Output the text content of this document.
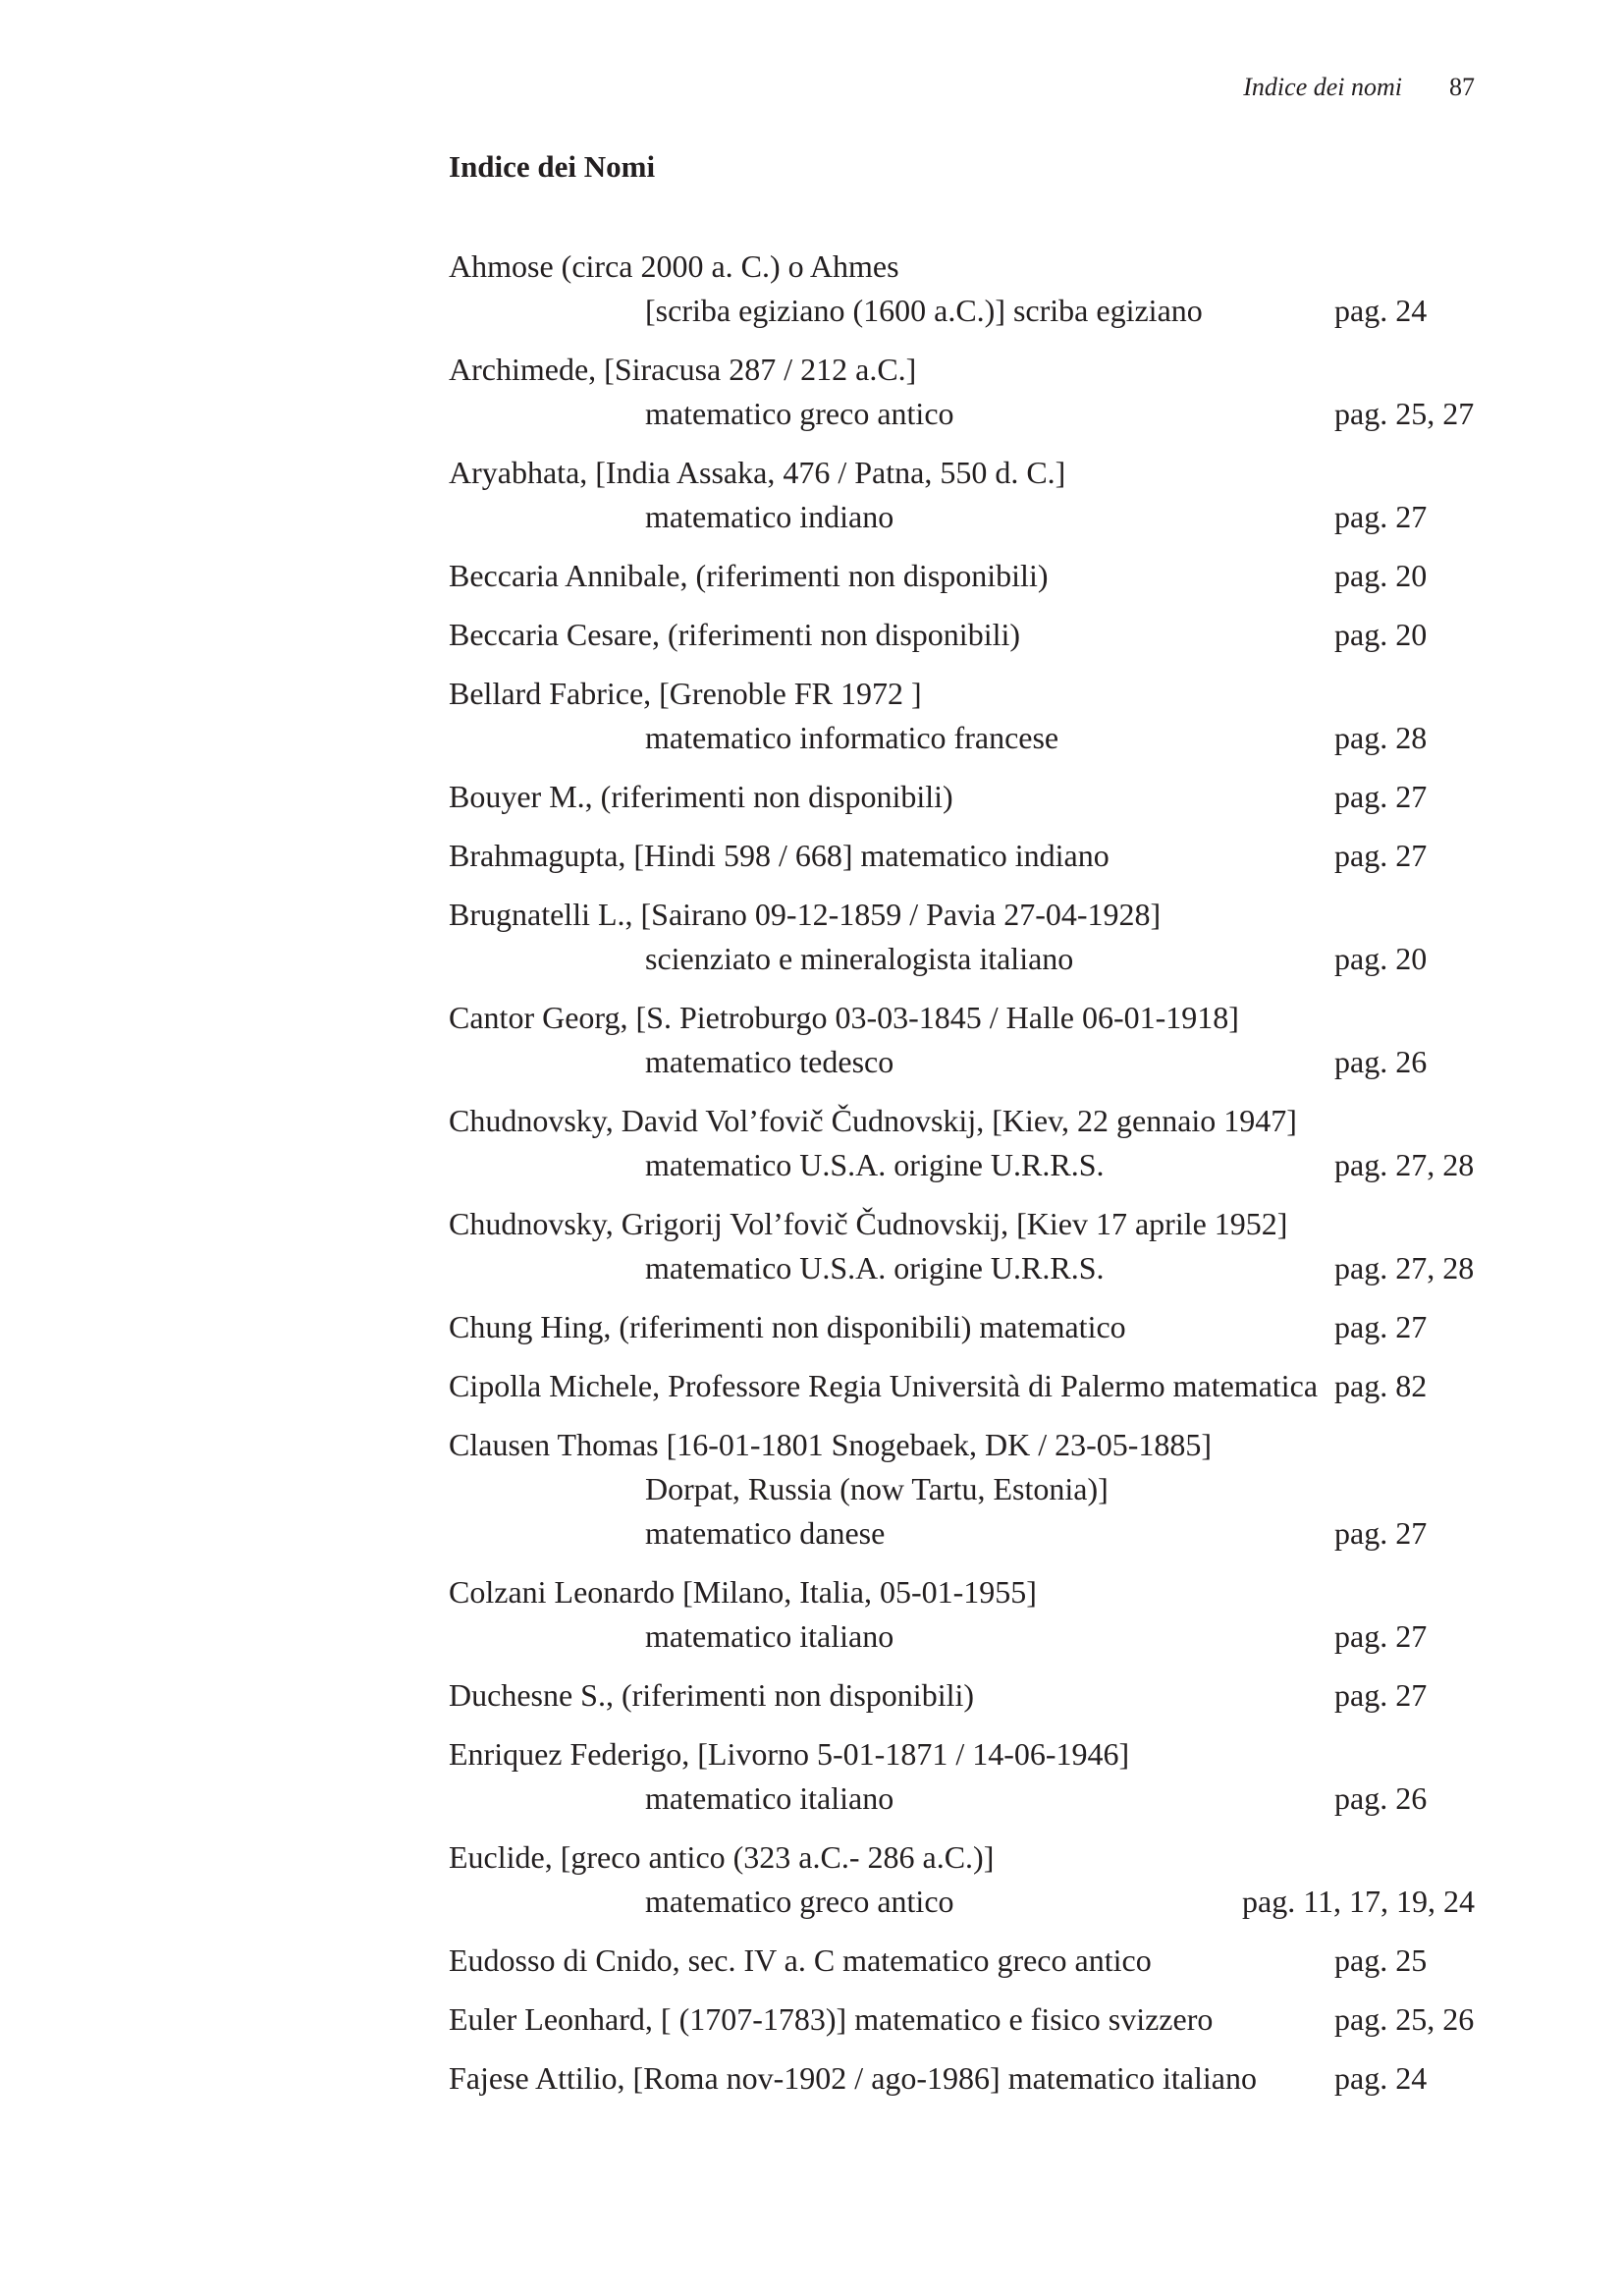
Indice dei nomi 87
Indice dei Nomi
Ahmose (circa 2000 a. C.) o Ahmes
[scriba egiziano (1600 a.C.)] scriba egiziano	pag. 24
Archimede, [Siracusa 287 / 212 a.C.]
matematico greco antico	pag. 25, 27
Aryabhata, [India Assaka, 476 / Patna, 550 d. C.]
matematico indiano	pag. 27
Beccaria Annibale, (riferimenti non disponibili)	pag. 20
Beccaria Cesare, (riferimenti non disponibili)	pag. 20
Bellard Fabrice, [Grenoble FR 1972 ]
matematico informatico francese	pag. 28
Bouyer M., (riferimenti non disponibili)	pag. 27
Brahmagupta, [Hindi 598 / 668] matematico indiano	pag. 27
Brugnatelli L., [Sairano 09-12-1859 / Pavia 27-04-1928]
scienziato e mineralogista italiano	pag. 20
Cantor Georg, [S. Pietroburgo 03-03-1845 / Halle 06-01-1918]
matematico tedesco	pag. 26
Chudnovsky, David Vol’fovič Čudnovskij, [Kiev, 22 gennaio 1947]
matematico U.S.A. origine U.R.R.S.	pag. 27, 28
Chudnovsky, Grigorij Vol’fovič Čudnovskij, [Kiev 17 aprile 1952]
matematico U.S.A. origine U.R.R.S.	pag. 27, 28
Chung Hing, (riferimenti non disponibili) matematico	pag. 27
Cipolla Michele, Professore Regia Università di Palermo matematica pag. 82
Clausen Thomas [16-01-1801 Snogebaek, DK / 23-05-1885]
Dorpat, Russia (now Tartu, Estonia)]
matematico danese	pag. 27
Colzani Leonardo [Milano, Italia, 05-01-1955]
matematico italiano	pag. 27
Duchesne S., (riferimenti non disponibili)	pag. 27
Enriquez Federigo, [Livorno 5-01-1871 / 14-06-1946]
matematico italiano	pag. 26
Euclide, [greco antico (323 a.C.- 286 a.C.)]
matematico greco antico	pag. 11, 17, 19, 24
Eudosso di Cnido, sec. IV a. C matematico greco antico	pag. 25
Euler Leonhard, [ (1707-1783)] matematico e fisico svizzero	pag. 25, 26
Fajese Attilio, [Roma nov-1902 / ago-1986] matematico italiano pag. 24
